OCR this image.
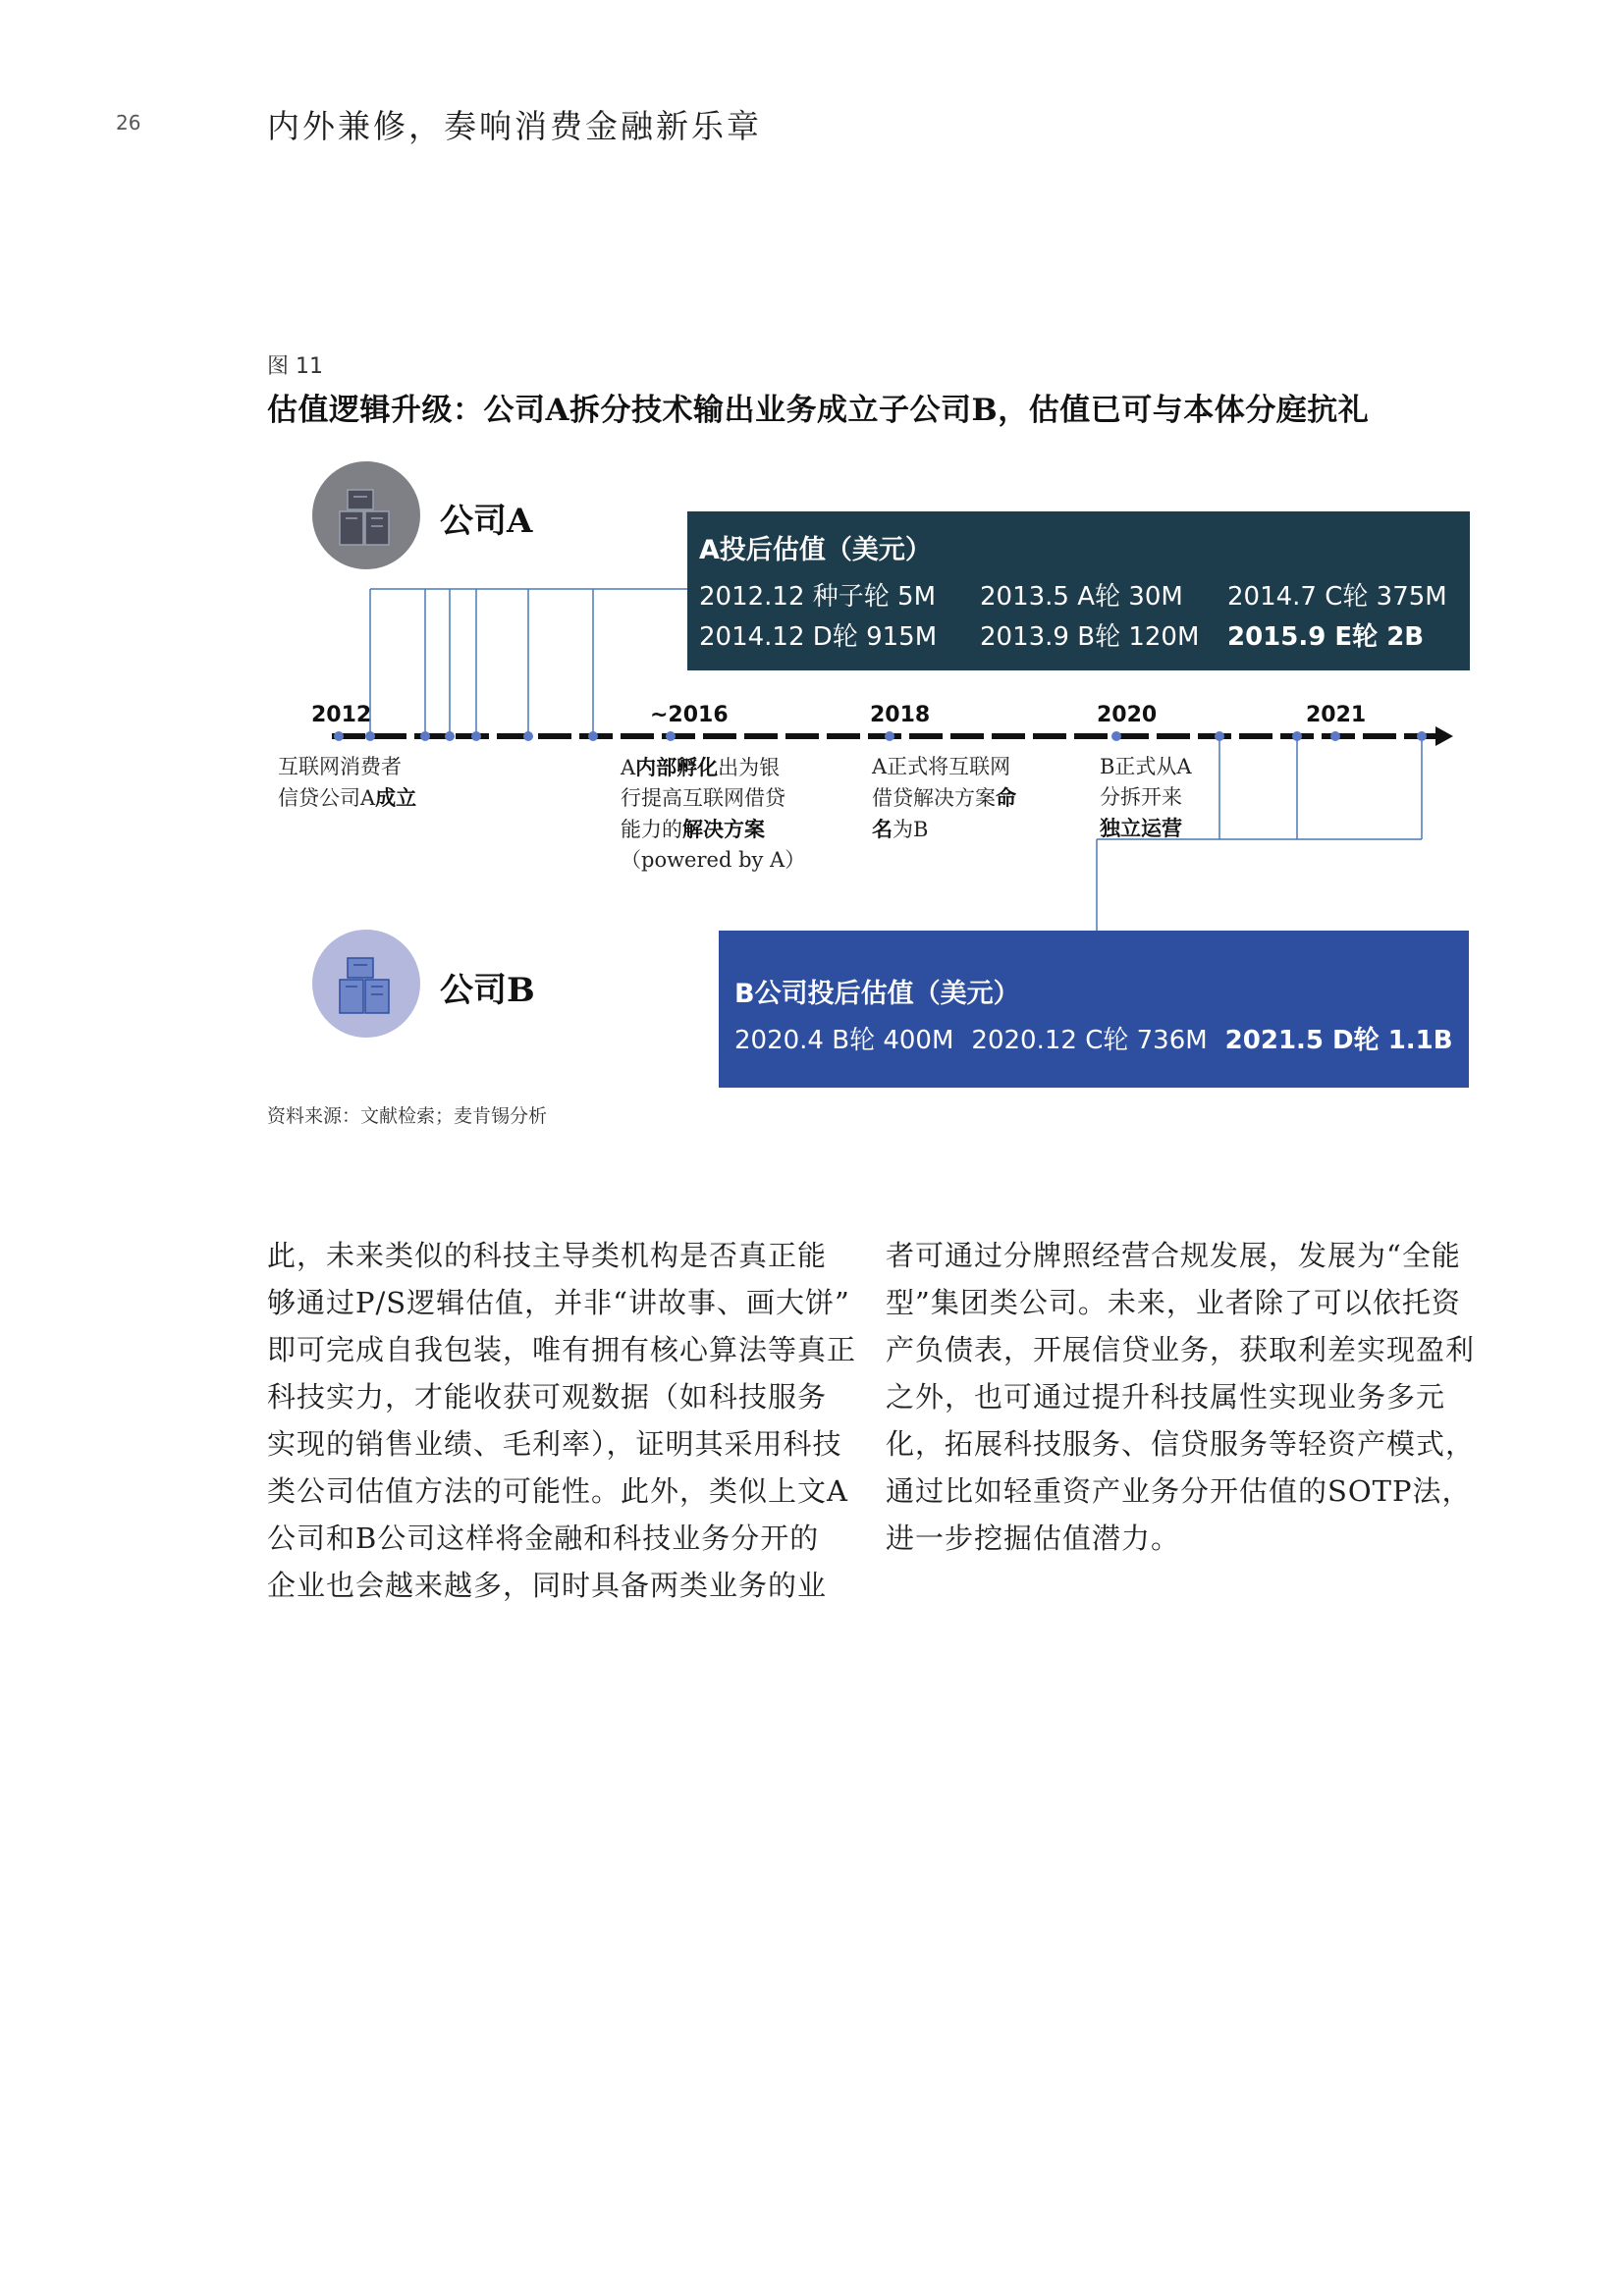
26	内外兼修，奏响消费金融新乐章
图 11
估值逻辑升级：公司A拆分技术输出业务成立子公司B，估值已可与本体分庭抗礼
公司A
A投后估值（美元）
2012.12 种子轮 5M	2013.5 A轮 30M	2014.7 C轮 375M
2014.12 D轮 915M	2013.9 B轮 120M	2015.9 E轮 2B
2012	~2016	2018	2020	2021
互联网消费者
信贷公司A成立
A内部孵化出为银
行提高互联网借贷
能力的解决方案
（powered by A）
A正式将互联网
借贷解决方案命
名为B
B正式从A
分拆开来
独立运营
公司B	B公司投后估值（美元）
2020.4 B轮 400M 2020.12 C轮 736M 2021.5 D轮 1.1B
资料来源：文献检索；麦肯锡分析
此，未来类似的科技主导类机构是否真正能
够通过P/S逻辑估值，并非“讲故事、画大饼”
即可完成自我包装，唯有拥有核心算法等真正
科技实力，才能收获可观数据（如科技服务
实现的销售业绩、毛利率），证明其采用科技
类公司估值方法的可能性。此外，类似上文A
公司和B公司这样将金融和科技业务分开的
企业也会越来越多，同时具备两类业务的业
者可通过分牌照经营合规发展，发展为“全能
型”集团类公司。未来，业者除了可以依托资
产负债表，开展信贷业务，获取利差实现盈利
之外，也可通过提升科技属性实现业务多元
化，拓展科技服务、信贷服务等轻资产模式，
通过比如轻重资产业务分开估值的SOTP法，
进一步挖掘估值潜力。
